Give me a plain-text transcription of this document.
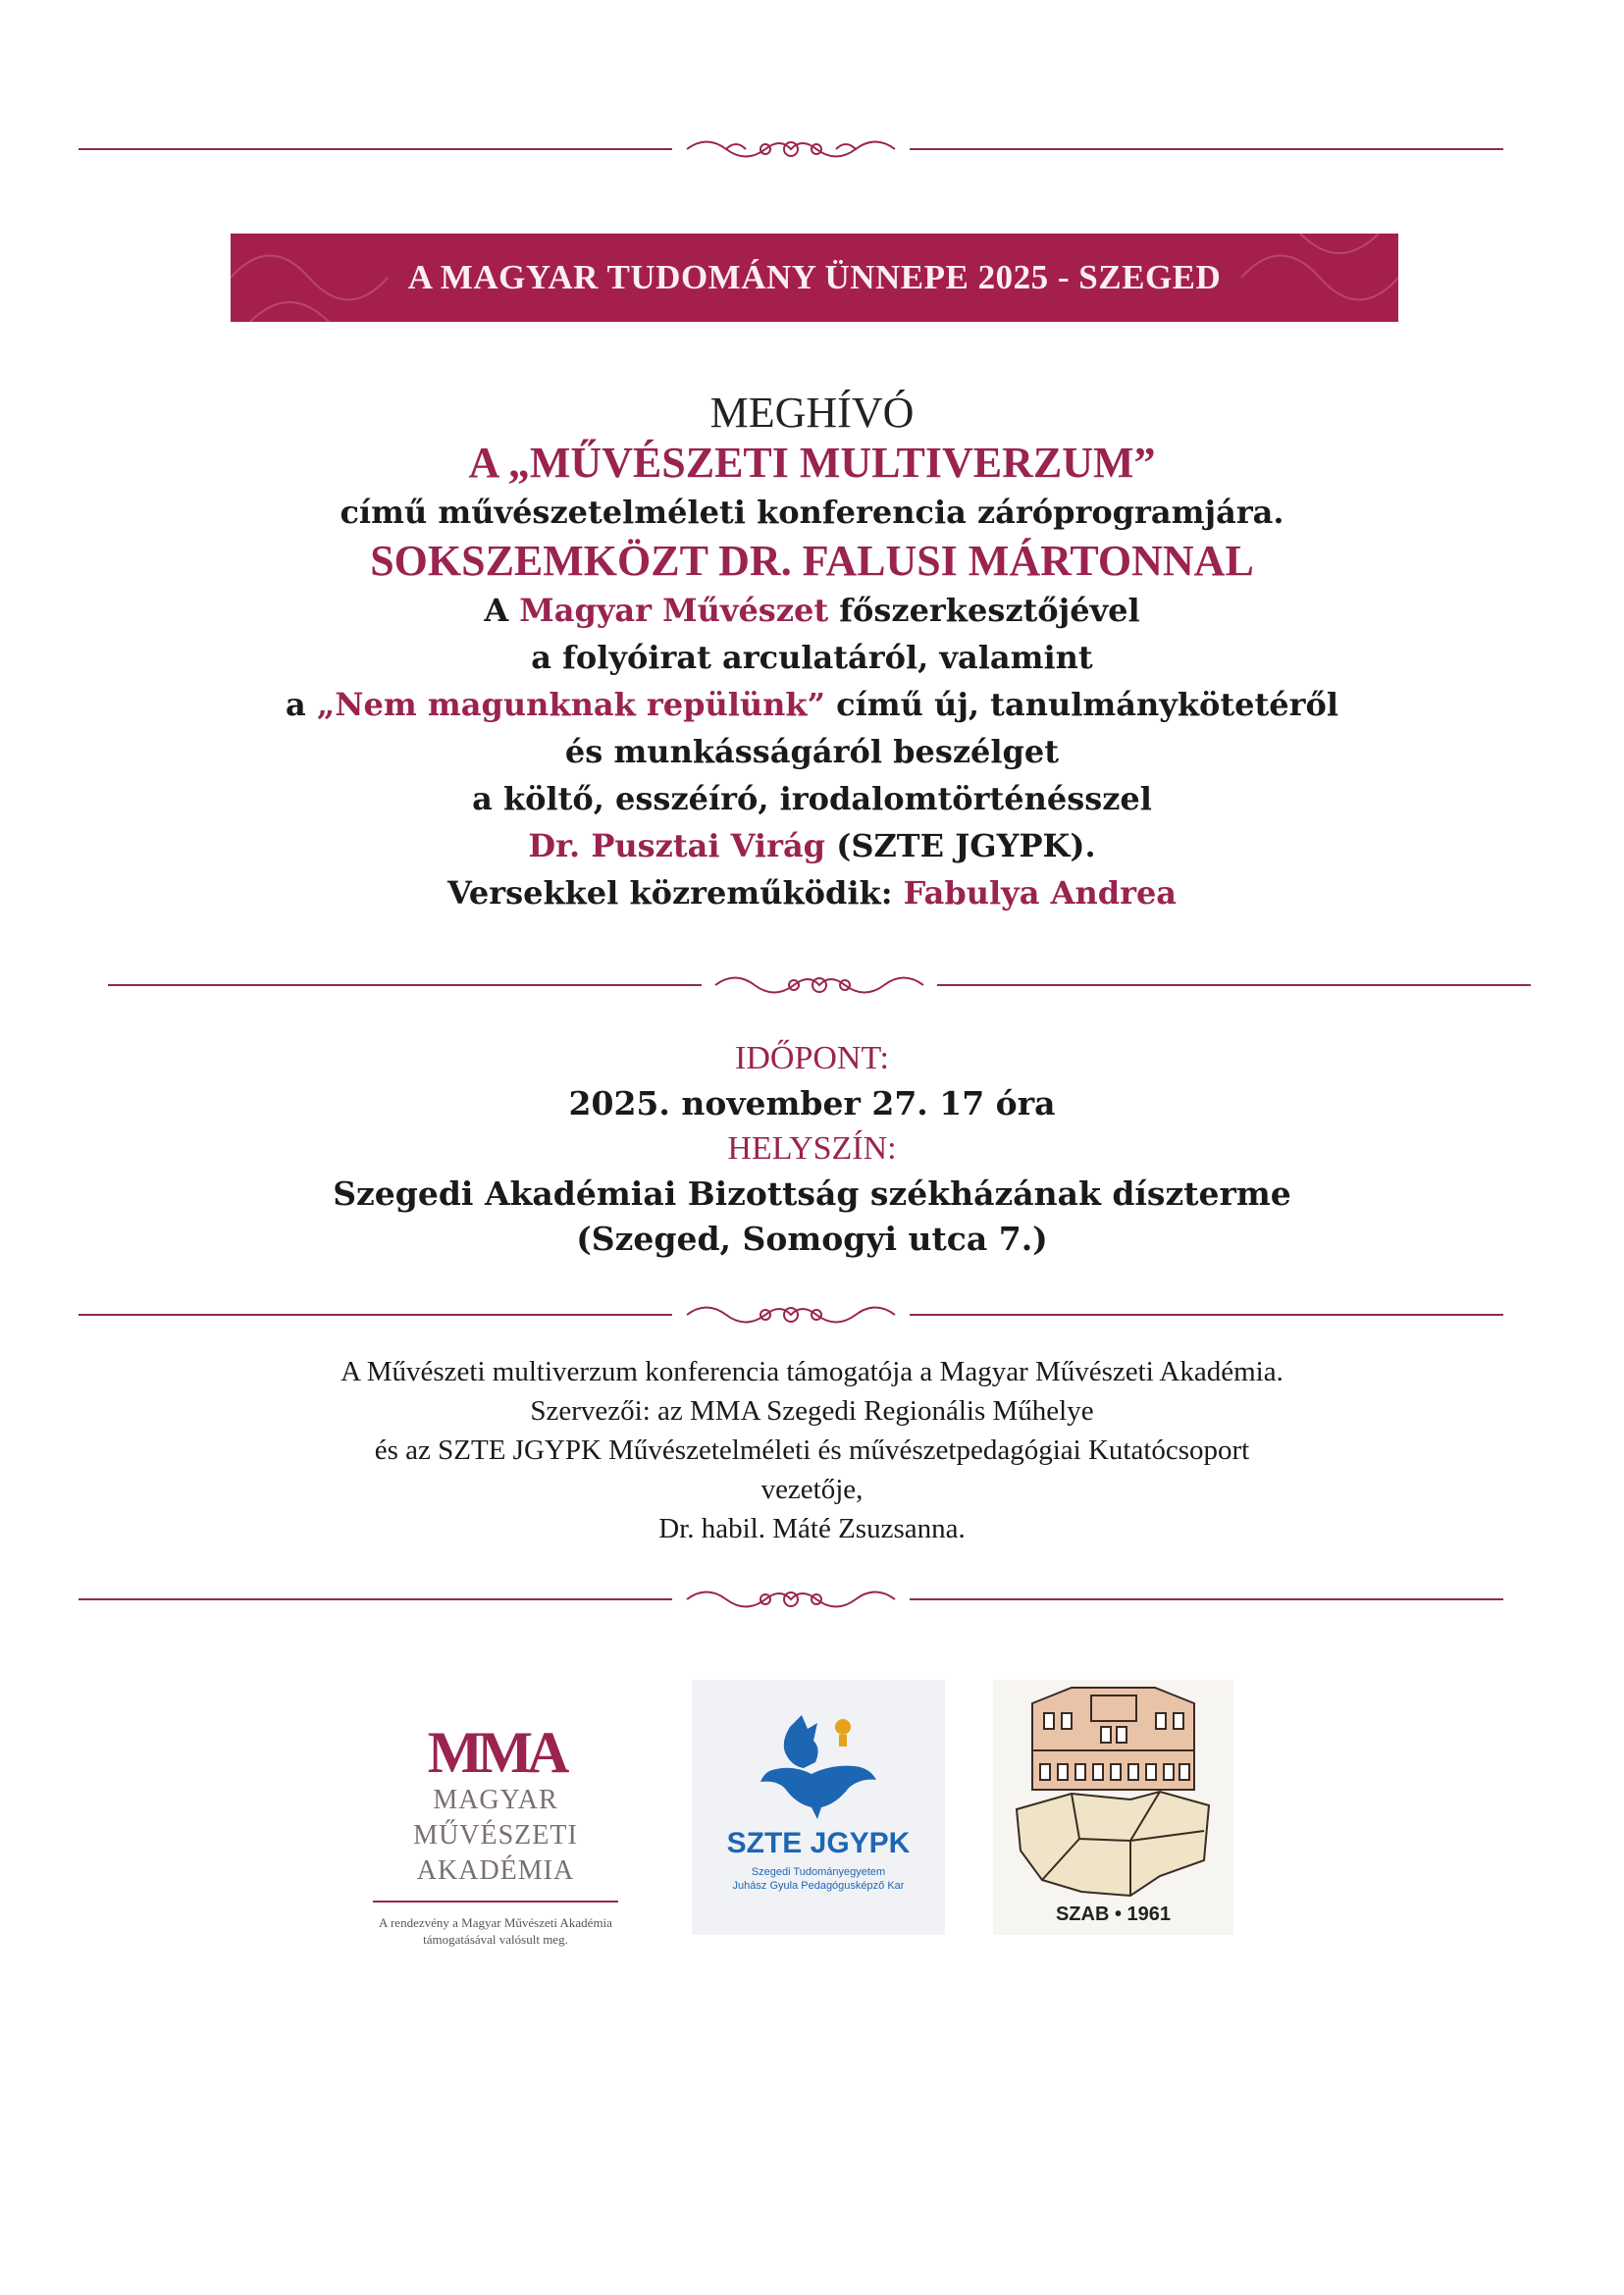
A MAGYAR TUDOMÁNY ÜNNEPE 2025 - SZEGED
MEGHÍVÓ
A „MŰVÉSZETI MULTIVERZUM”
című művészetelméleti konferencia záróprogramjára.
SOKSZEMKÖZT DR. FALUSI MÁRTONNAL
A Magyar Művészet főszerkesztőjével
a folyóirat arculatáról, valamint
a „Nem magunknak repülünk” című új, tanulmánykötetéről
és munkásságáról beszélget
a költő, esszéíró, irodalomtörténésszel
Dr. Pusztai Virág (SZTE JGYPK).
Versekkel közreműködik: Fabulya Andrea
IDŐPONT:
2025. november 27. 17 óra
HELYSZÍN:
Szegedi Akadémiai Bizottság székházának díszterme
(Szeged, Somogyi utca 7.)
A Művészeti multiverzum konferencia támogatója a Magyar Művészeti Akadémia.
Szervezői: az MMA Szegedi Regionális Műhelye
és az SZTE JGYPK Művészetelméleti és művészetpedagógiai Kutatócsoport
vezetője,
Dr. habil. Máté Zsuzsanna.
MMA
MAGYAR MŰVÉSZETI
AKADÉMIA
A rendezvény a Magyar Művészeti Akadémia
támogatásával valósult meg.
SZTE JGYPK
Szegedi Tudományegyetem
Juhász Gyula Pedagógusképző Kar
SZAB • 1961
